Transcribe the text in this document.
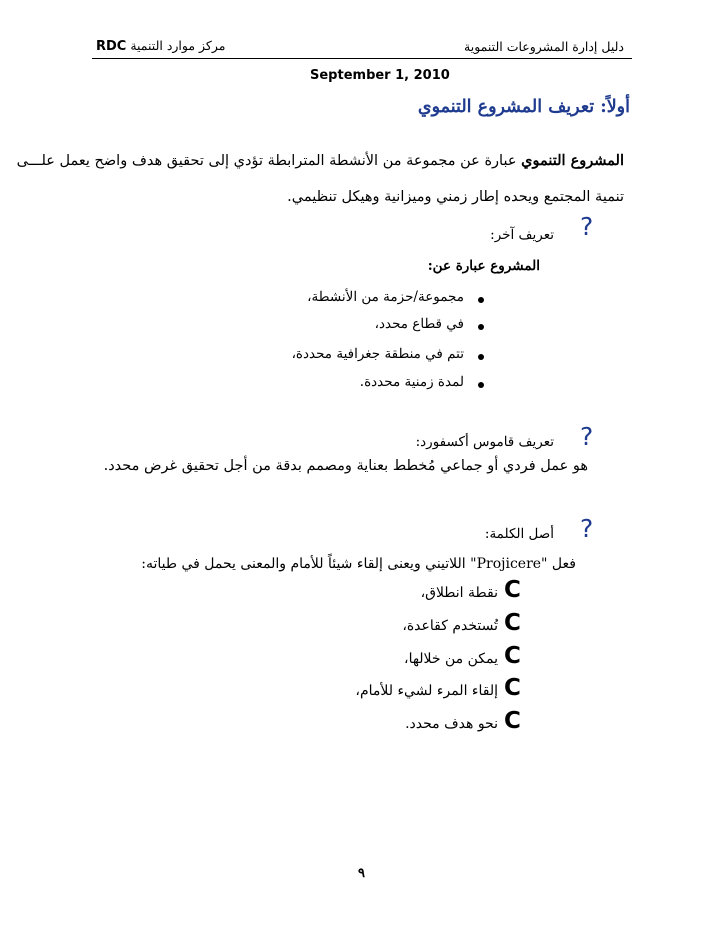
RDC مركز موارد التنمية	دليل إدارة المشروعات التنموية
September 1, 2010
أولاً: تعريف المشروع التنموي
المشروع التنموي عبارة عن مجموعة من الأنشطة المترابطة تؤدي إلى تحقيق هدف واضح يعمل علـــى
تنمية المجتمع ويحده إطار زمني وميزانية وهيكل تنظيمي.
?
تعريف آخر:
المشروع عبارة عن:
مجموعة/حزمة من الأنشطة،
في قطاع محدد،
تتم في منطقة جغرافية محددة،
لمدة زمنية محددة.
?
تعريف قاموس أكسفورد:
هو عمل فردي أو جماعي مُخطط بعناية ومصمم بدقة من أجل تحقيق غرض محدد.
?
أصل الكلمة:
فعل "Projicere" اللاتيني ويعنى إلقاء شيئاً للأمام والمعنى يحمل في طياته:
C
نقطة انطلاق،
C
تُستخدم كقاعدة،
C
يمكن من خلالها،
C
إلقاء المرء لشيء للأمام،
C
نحو هدف محدد.
٩
